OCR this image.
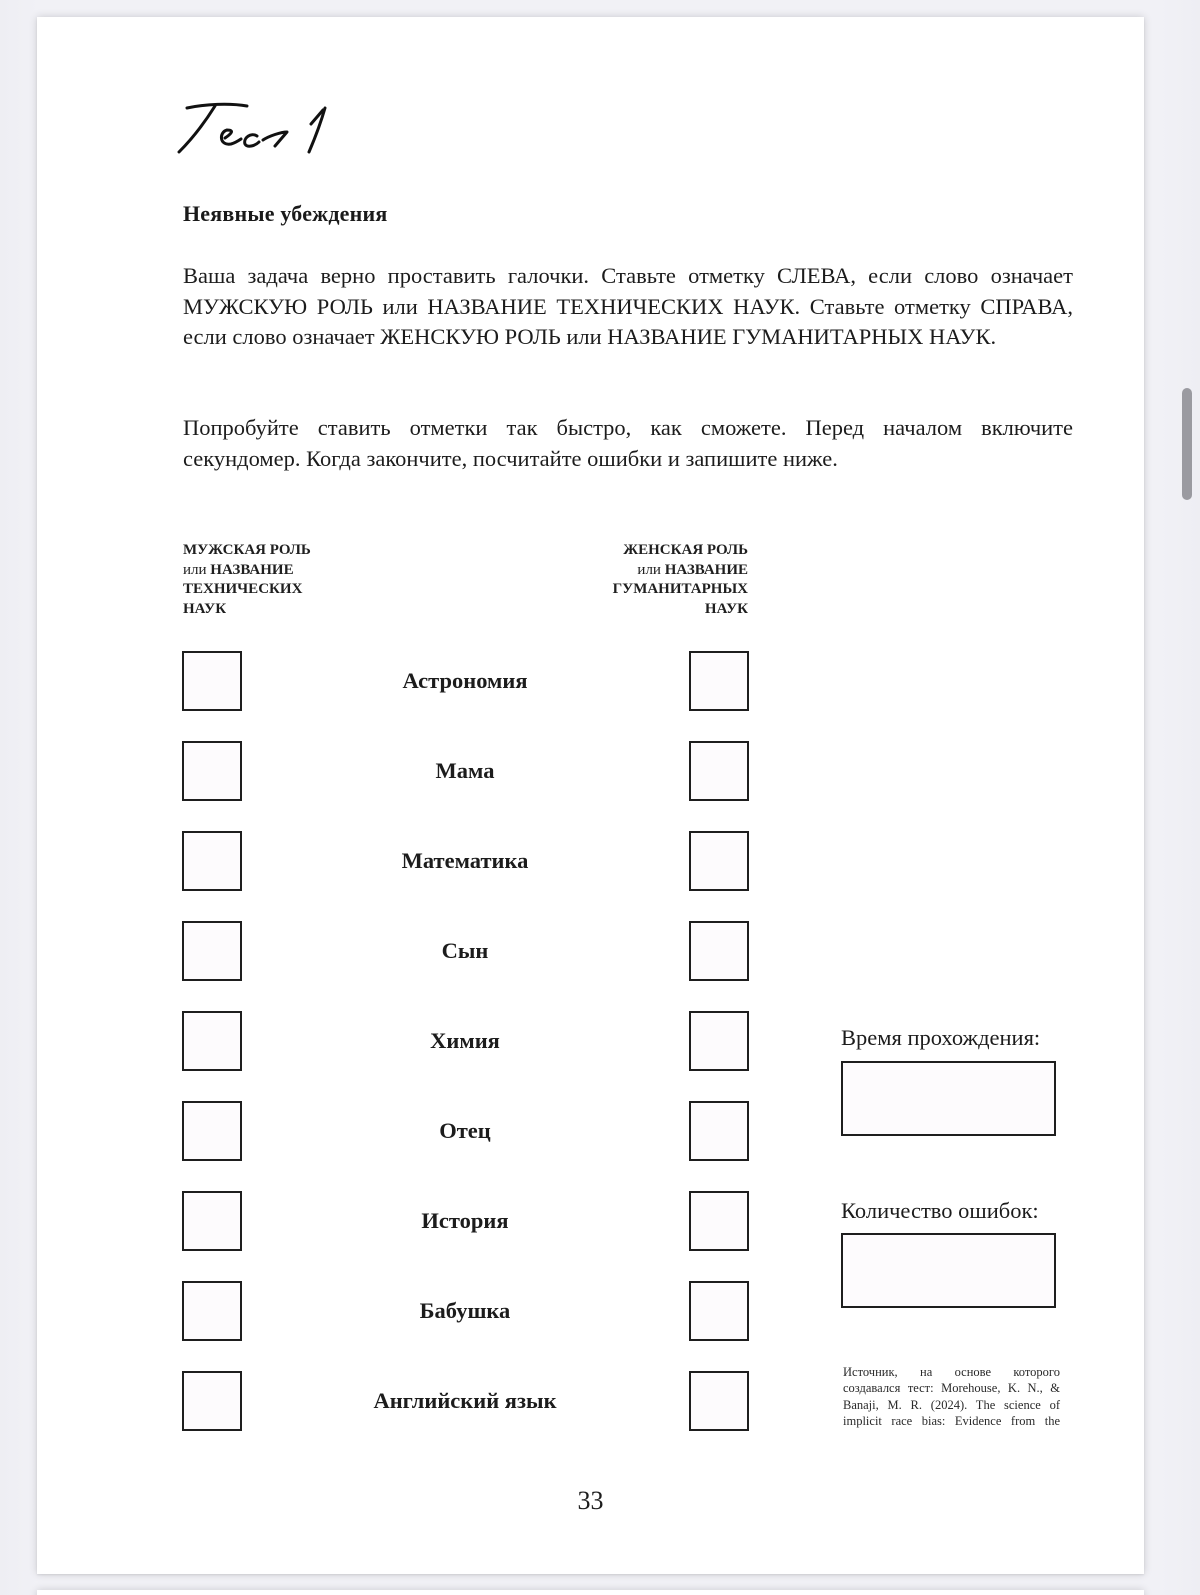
Неявные убеждения
Ваша задача верно проставить галочки. Ставьте отметку СЛЕВА, если слово означает МУЖСКУЮ РОЛЬ или НАЗВАНИЕ ТЕХНИЧЕСКИХ НАУК. Ставьте отметку СПРАВА, если слово означает ЖЕНСКУЮ РОЛЬ или НАЗВАНИЕ ГУМАНИТАРНЫХ НАУК.
Попробуйте ставить отметки так быстро, как сможете. Перед началом включите секундомер. Когда закончите, посчитайте ошибки и запишите ниже.
МУЖСКАЯ РОЛЬ
или НАЗВАНИЕ
ТЕХНИЧЕСКИХ
НАУК
ЖЕНСКАЯ РОЛЬ
или НАЗВАНИЕ
ГУМАНИТАРНЫХ
НАУК
Астрономия
Мама
Математика
Сын
Химия
Отец
История
Бабушка
Английский язык
Время прохождения:
Количество ошибок:
Источник, на основе которого
создавался тест: Morehouse, K. N., &
Banaji, M. R. (2024). The science of
implicit race bias: Evidence from the
33
